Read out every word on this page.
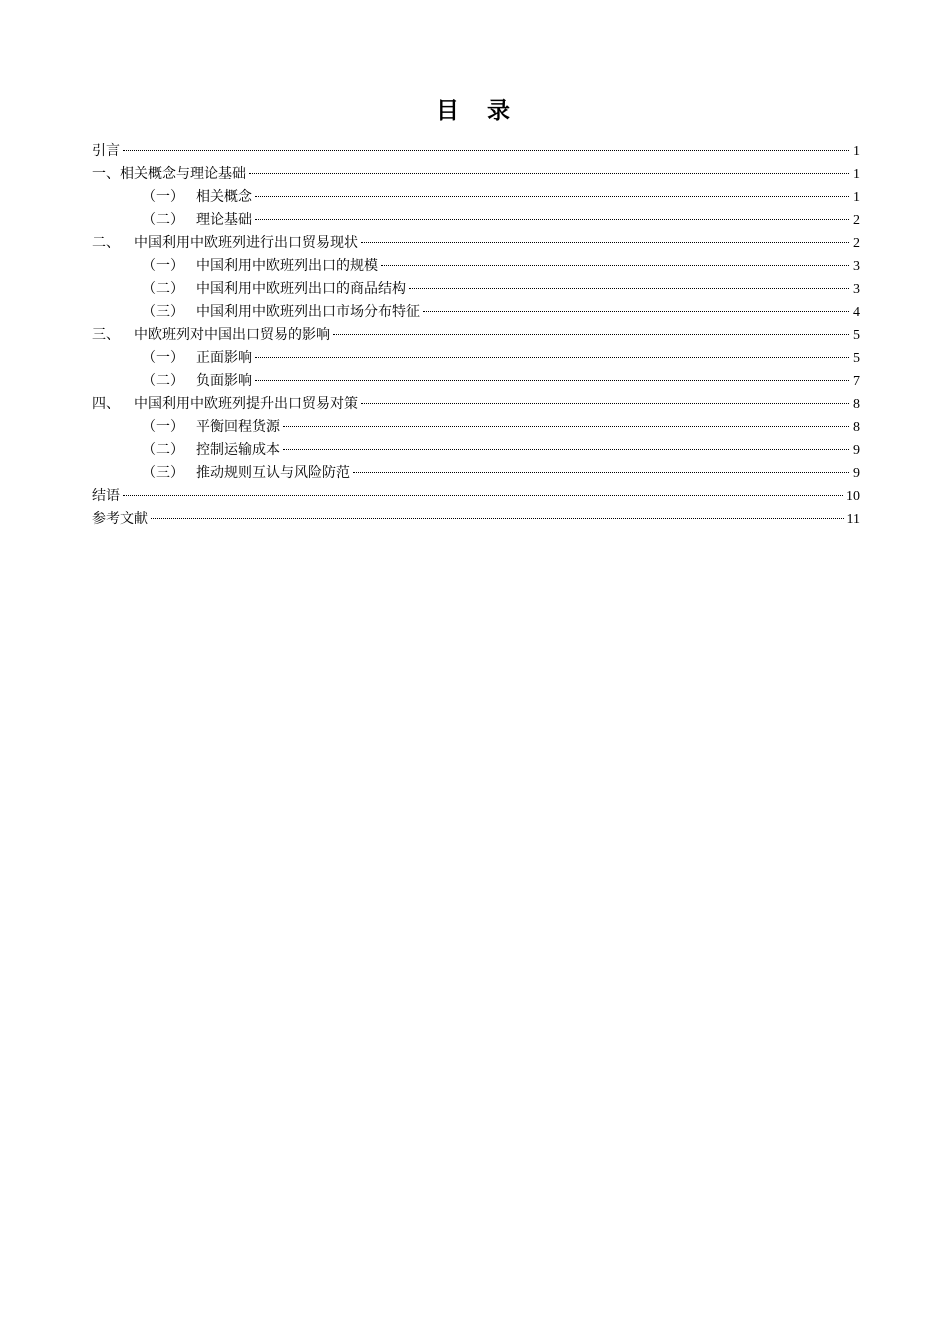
目 录
引言	1
一、 相关概念与理论基础	1
（一） 相关概念	1
（二） 理论基础	2
二、	中国利用中欧班列进行出口贸易现状	2
（一） 中国利用中欧班列出口的规模	3
（二） 中国利用中欧班列出口的商品结构	3
（三） 中国利用中欧班列出口市场分布特征	4
三、	中欧班列对中国出口贸易的影响	5
（一） 正面影响	5
（二） 负面影响	7
四、	中国利用中欧班列提升出口贸易对策	8
（一） 平衡回程货源	8
（二） 控制运输成本	9
（三） 推动规则互认与风险防范	9
结语	10
参考文献	11
